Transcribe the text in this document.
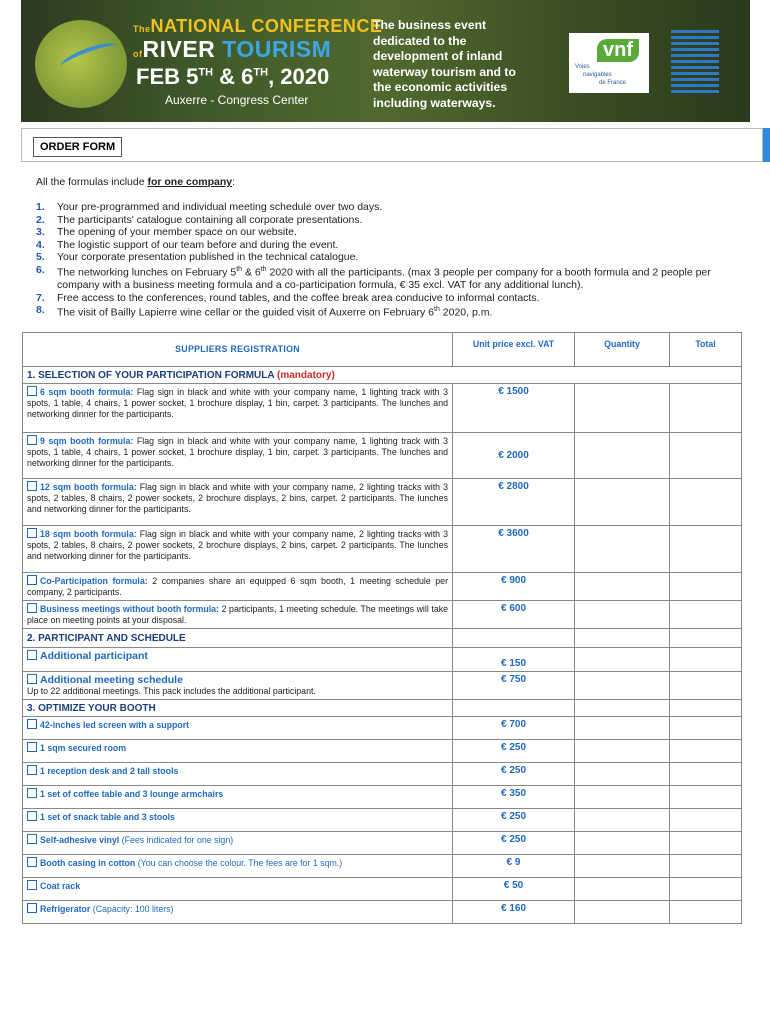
TheNATIONAL CONFERENCE
ofRIVER TOURISM
FEB 5TH & 6TH, 2020
Auxerre - Congress Center
The business event dedicated to the development of inland waterway tourism and to the economic activities including waterways.
vnf
Voies
navigables
de France
ORDER FORM
All the formulas include for one company:
1. Your pre-programmed and individual meeting schedule over two days.
2. The participants' catalogue containing all corporate presentations.
3. The opening of your member space on our website.
4. The logistic support of our team before and during the event.
5. Your corporate presentation published in the technical catalogue.
6. The networking lunches on February 5th & 6th 2020 with all the participants. (max 3 people per company for a booth formula and 2 people per company with a business meeting formula and a co-participation formula, € 35 excl. VAT for any additional lunch).
7. Free access to the conferences, round tables, and the coffee break area conducive to informal contacts.
8. The visit of Bailly Lapierre wine cellar or the guided visit of Auxerre on February 6th 2020, p.m.
SUPPLIERS REGISTRATION	Unit price excl. VAT	Quantity	Total
1. SELECTION OF YOUR PARTICIPATION FORMULA (mandatory)			
6 sqm booth formula: Flag sign in black and white with your company name, 1 lighting track with 3 spots, 1 table, 4 chairs, 1 power socket, 1 brochure display, 1 bin, carpet. 3 participants. The lunches and networking dinner for the participants.	€ 1500		
9 sqm booth formula: Flag sign in black and white with your company name, 1 lighting track with 3 spots, 1 table, 4 chairs, 1 power socket, 1 brochure display, 1 bin, carpet. 3 participants. The lunches and networking dinner for the participants.	€ 2000		
12 sqm booth formula: Flag sign in black and white with your company name, 2 lighting tracks with 3 spots, 2 tables, 8 chairs, 2 power sockets, 2 brochure displays, 2 bins, carpet. 2 participants. The lunches and networking dinner for the participants.	€ 2800		
18 sqm booth formula: Flag sign in black and white with your company name, 2 lighting tracks with 3 spots, 2 tables, 8 chairs, 2 power sockets, 2 brochure displays, 2 bins, carpet. 2 participants. The lunches and networking dinner for the participants.	€ 3600		
Co-Participation formula: 2 companies share an equipped 6 sqm booth, 1 meeting schedule per company, 2 participants.	€ 900		
Business meetings without booth formula: 2 participants, 1 meeting schedule. The meetings will take place on meeting points at your disposal.	€ 600		
2. PARTICIPANT AND SCHEDULE			
Additional participant	€ 150		
Additional meeting schedule
Up to 22 additional meetings. This pack includes the additional participant.	€ 750		
3. OPTIMIZE YOUR BOOTH			
42-inches led screen with a support	€ 700		
1 sqm secured room	€ 250		
1 reception desk and 2 tall stools	€ 250		
1 set of coffee table and 3 lounge armchairs	€ 350		
1 set of snack table and 3 stools	€ 250		
Self-adhesive vinyl (Fees indicated for one sign)	€ 250		
Booth casing in cotton (You can choose the colour. The fees are for 1 sqm.)	€ 9		
Coat rack	€ 50		
Refrigerator (Capacity: 100 liters)	€ 160		
